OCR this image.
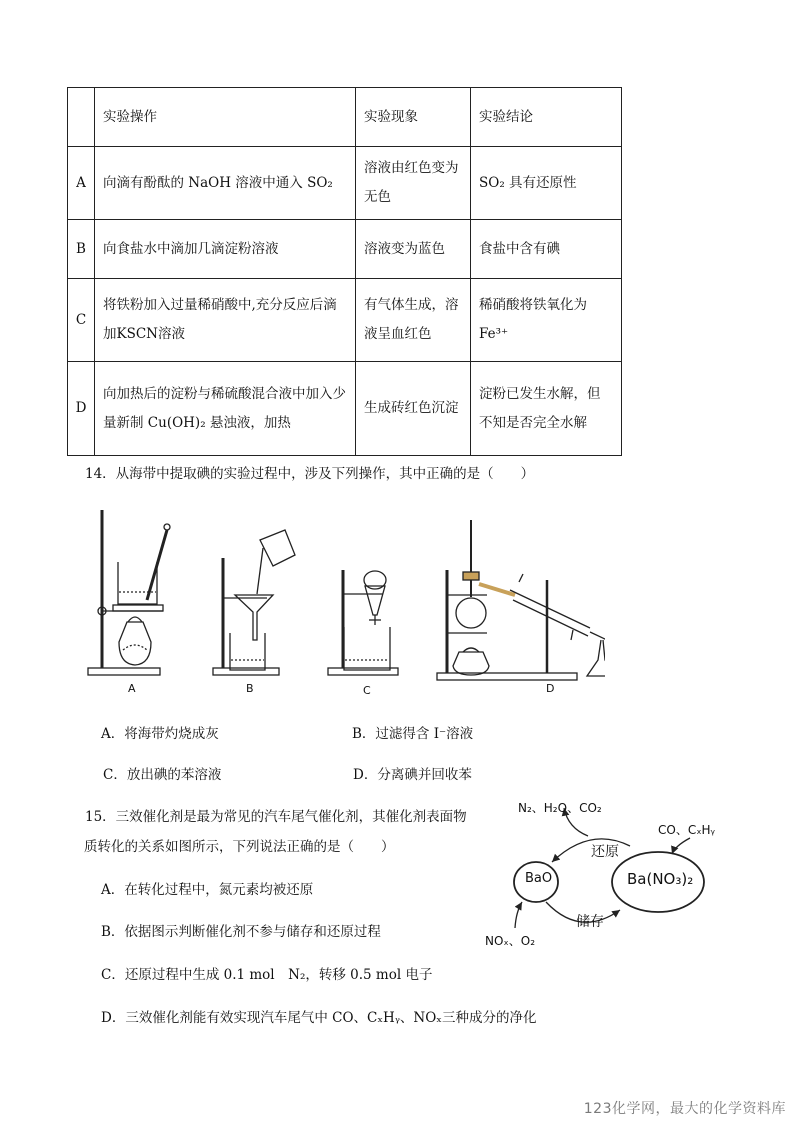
	实验操作	实验现象	实验结论
A	向滴有酚酞的 NaOH 溶液中通入 SO₂	溶液由红色变为无色	SO₂ 具有还原性
B	向食盐水中滴加几滴淀粉溶液	溶液变为蓝色	食盐中含有碘
C	将铁粉加入过量稀硝酸中,充分反应后滴加KSCN溶液	有气体生成，溶液呈血红色	稀硝酸将铁氧化为 Fe³⁺
D	向加热后的淀粉与稀硫酸混合液中加入少量新制 Cu(OH)₂ 悬浊液，加热	生成砖红色沉淀	淀粉已发生水解，但不知是否完全水解
14．从海带中提取碘的实验过程中，涉及下列操作，其中正确的是（　　）
A	B	C	D
A．将海带灼烧成灰	B．过滤得含 I⁻溶液
C．放出碘的苯溶液	D．分离碘并回收苯
15．三效催化剂是最为常见的汽车尾气催化剂，其催化剂表面物
质转化的关系如图所示，下列说法正确的是（　　）
A．在转化过程中，氮元素均被还原
B．依据图示判断催化剂不参与储存和还原过程
C．还原过程中生成 0.1 mol　N₂，转移 0.5 mol 电子
D．三效催化剂能有效实现汽车尾气中 CO、CₓHᵧ、NOₓ三种成分的净化
BaO	Ba(NO₃)₂
还原
储存
N₂、H₂O、CO₂
CO、CₓHᵧ
NOₓ、O₂
123化学网，最大的化学资料库
